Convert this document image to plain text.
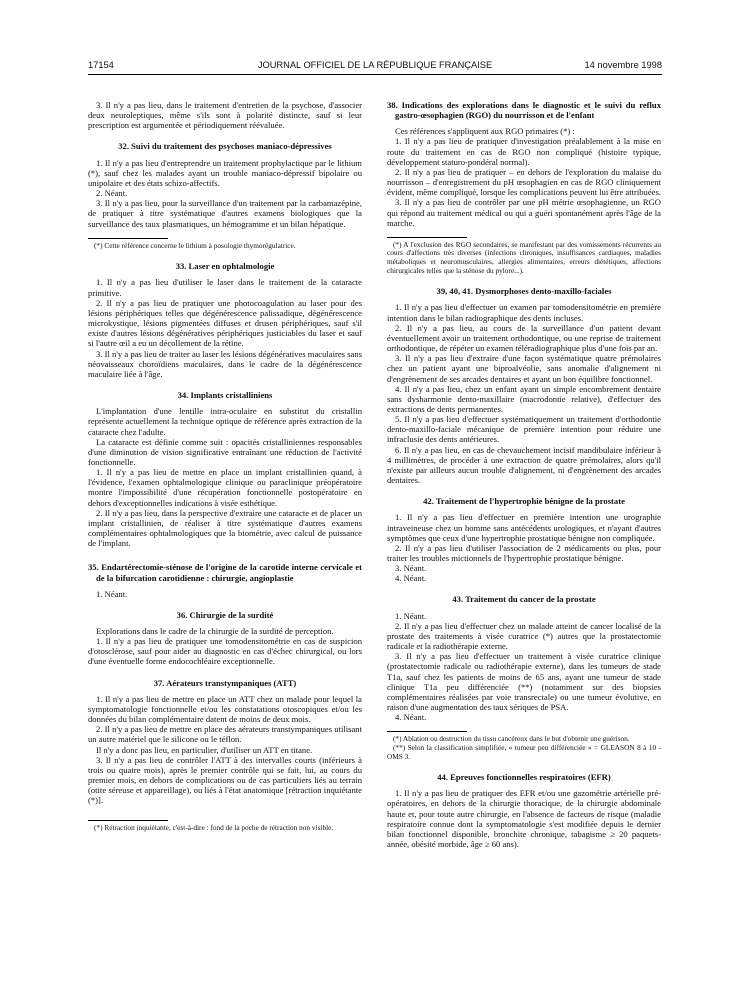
17154	JOURNAL OFFICIEL DE LA RÉPUBLIQUE FRANÇAISE	14 novembre 1998

3. Il n'y a pas lieu, dans le traitement d'entretien de la psychose, d'associer deux neuroleptiques, même s'ils sont à polarité distincte, sauf si leur prescription est argumentée et périodiquement réévaluée.

32. Suivi du traitement des psychoses maniaco-dépressives

1. Il n'y a pas lieu d'entreprendre un traitement prophylactique par le lithium (*), sauf chez les malades ayant un trouble maniaco-dépressif bipolaire ou unipolaire et des états schizo-affectifs.

2. Néant.

3. Il n'y a pas lieu, pour la surveillance d'un traitement par la carbamazépine, de pratiquer à titre systématique d'autres examens biologiques que la surveillance des taux plasmatiques, un hémogramme et un bilan hépatique.

(*) Cette référence concerne le lithium à posologie thymorégulatrice.

33. Laser en ophtalmologie

1. Il n'y a pas lieu d'utiliser le laser dans le traitement de la cataracte primitive.

2. Il n'y a pas lieu de pratiquer une photocoagulation au laser pour des lésions périphériques telles que dégénérescence palissadique, dégénérescence microkystique, lésions pigmentées diffuses et drusen périphériques, sauf s'il existe d'autres lésions dégénératives périphériques justiciables du laser et sauf si l'autre œil a eu un décollement de la rétine.

3. Il n'y a pas lieu de traiter au laser les lésions dégénératives maculaires sans néovaisseaux choroïdiens maculaires, dans le cadre de la dégénérescence maculaire liée à l'âge.

34. Implants cristalliniens

L'implantation d'une lentille intra-oculaire en substitut du cristallin représente actuellement la technique optique de référence après extraction de la cataracte chez l'adulte.

La cataracte est définie comme suit : opacités cristalliniennes responsables d'une diminution de vision significative entraînant une réduction de l'activité fonctionnelle.

1. Il n'y a pas lieu de mettre en place un implant cristallinien quand, à l'évidence, l'examen ophtalmologique clinique ou paraclinique préopératoire montre l'impossibilité d'une récupération fonctionnelle postopératoire en dehors d'exceptionnelles indications à visée esthétique.

2. Il n'y a pas lieu, dans la perspective d'extraire une cataracte et de placer un implant cristallinien, de réaliser à titre systématique d'autres examens complémentaires ophtalmologiques que la biométrie, avec calcul de puissance de l'implant.

35. Endartérectomie-sténose de l'origine de la carotide interne cervicale et de la bifurcation carotidienne : chirurgie, angioplastie

1. Néant.

36. Chirurgie de la surdité

Explorations dans le cadre de la chirurgie de la surdité de perception.

1. Il n'y a pas lieu de pratiquer une tomodensitométrie en cas de suspicion d'otosclérose, sauf pour aider au diagnostic en cas d'échec chirurgical, ou lors d'une éventuelle forme endocochléaire exceptionnelle.

37. Aérateurs transtympaniques (ATT)

1. Il n'y a pas lieu de mettre en place un ATT chez un malade pour lequel la symptomatologie fonctionnelle et/ou les constatations otoscopiques et/ou les données du bilan complémentaire datent de moins de deux mois.

2. Il n'y a pas lieu de mettre en place des aérateurs transtympaniques utilisant un autre matériel que le silicone ou le téflon.

Il n'y a donc pas lieu, en particulier, d'utiliser un ATT en titane.

3. Il n'y a pas lieu de contrôler l'ATT à des intervalles courts (inférieurs à trois ou quatre mois), après le premier contrôle qui se fait, lui, au cours du premier mois, en dehors de complications ou de cas particuliers liés au terrain (otite séreuse et appareillage), ou liés à l'état anatomique [rétraction inquiétante (*)].

(*) Rétraction inquiétante, c'est-à-dire : fond de la poche de rétraction non visible.

38. Indications des explorations dans le diagnostic et le suivi du reflux gastro-œsophagien (RGO) du nourrisson et de l'enfant

Ces références s'appliquent aux RGO primaires (*) :

1. Il n'y a pas lieu de pratiquer d'investigation préalablement à la mise en route du traitement en cas de RGO non compliqué (histoire typique, développement staturo-pondéral normal).

2. Il n'y a pas lieu de pratiquer – en dehors de l'exploration du malaise du nourrisson – d'enregistrement du pH œsophagien en cas de RGO cliniquement évident, même compliqué, lorsque les complications peuvent lui être attribuées.

3. Il n'y a pas lieu de contrôler par une pH métrie œsophagienne, un RGO qui répond au traitement médical ou qui a guéri spontanément après l'âge de la marche.

(*) A l'exclusion des RGO secondaires, se manifestant par des vomissements récurrents au cours d'affections très diverses (infections chroniques, insuffisances cardiaques, maladies métaboliques et neuromusculaires, allergies alimentaires, erreurs diététiques, affections chirurgicales telles que la sténose du pylore...).

39, 40, 41. Dysmorphoses dento-maxillo-faciales

1. Il n'y a pas lieu d'effectuer un examen par tomodensitométrie en première intention dans le bilan radiographique des dents incluses.

2. Il n'y a pas lieu, au cours de la surveillance d'un patient devant éventuellement avoir un traitement orthodontique, ou une reprise de traitement orthodontique, de répéter un examen téléradiographique plus d'une fois par an.

3. Il n'y a pas lieu d'extraire d'une façon systématique quatre prémolaires chez un patient ayant une biproalvéolie, sans anomalie d'alignement ni d'engrènement de ses arcades dentaires et ayant un bon équilibre fonctionnel.

4. Il n'y a pas lieu, chez un enfant ayant un simple encombrement dentaire sans dysharmonie dento-maxillaire (macrodontie relative), d'effectuer des extractions de dents permanentes.

5. Il n'y a pas lieu d'effectuer systématiquement un traitement d'orthodontie dento-maxillo-faciale mécanique de première intention pour réduire une infraclusie des dents antérieures.

6. Il n'y a pas lieu, en cas de chevauchement incisif mandibulaire inférieur à 4 millimètres, de procéder à une extraction de quatre prémolaires, alors qu'il n'existe par ailleurs aucun trouble d'alignement, ni d'engrènement des arcades dentaires.

42. Traitement de l'hypertrophie bénigne de la prostate

1. Il n'y a pas lieu d'effectuer en première intention une urographie intraveineuse chez un homme sans antécédents urologiques, et n'ayant d'autres symptômes que ceux d'une hypertrophie prostatique bénigne non compliquée.

2. Il n'y a pas lieu d'utiliser l'association de 2 médicaments ou plus, pour traiter les troubles mictionnels de l'hypertrophie prostatique bénigne.

3. Néant.

4. Néant.

43. Traitement du cancer de la prostate

1. Néant.

2. Il n'y a pas lieu d'effectuer chez un malade atteint de cancer localisé de la prostate des traitements à visée curatrice (*) autres que la prostatectomie radicale et la radiothérapie externe.

3. Il n'y a pas lieu d'effectuer un traitement à visée curatrice clinique (prostatectomie radicale ou radiothérapie externe), dans les tumeurs de stade T1a, sauf chez les patients de moins de 65 ans, ayant une tumeur de stade clinique T1a peu différenciée (**) (notamment sur des biopsies complémentaires réalisées par voie transrectale) ou une tumeur évolutive, en raison d'une augmentation des taux sériques de PSA.

4. Néant.

(*) Ablation ou destruction du tissu cancéreux dans le but d'obtenir une guérison.

(**) Selon la classification simplifiée, « tumeur peu différenciée » = GLEASON 8 à 10 - OMS 3.

44. Epreuves fonctionnelles respiratoires (EFR)

1. Il n'y a pas lieu de pratiquer des EFR et/ou une gazométrie artérielle pré-opératoires, en dehors de la chirurgie thoracique, de la chirurgie abdominale haute et, pour toute autre chirurgie, en l'absence de facteurs de risque (maladie respiratoire connue dont la symptomatologie s'est modifiée depuis le dernier bilan fonctionnel disponible, bronchite chronique, tabagisme ≥ 20 paquets-année, obésité morbide, âge ≥ 60 ans).
